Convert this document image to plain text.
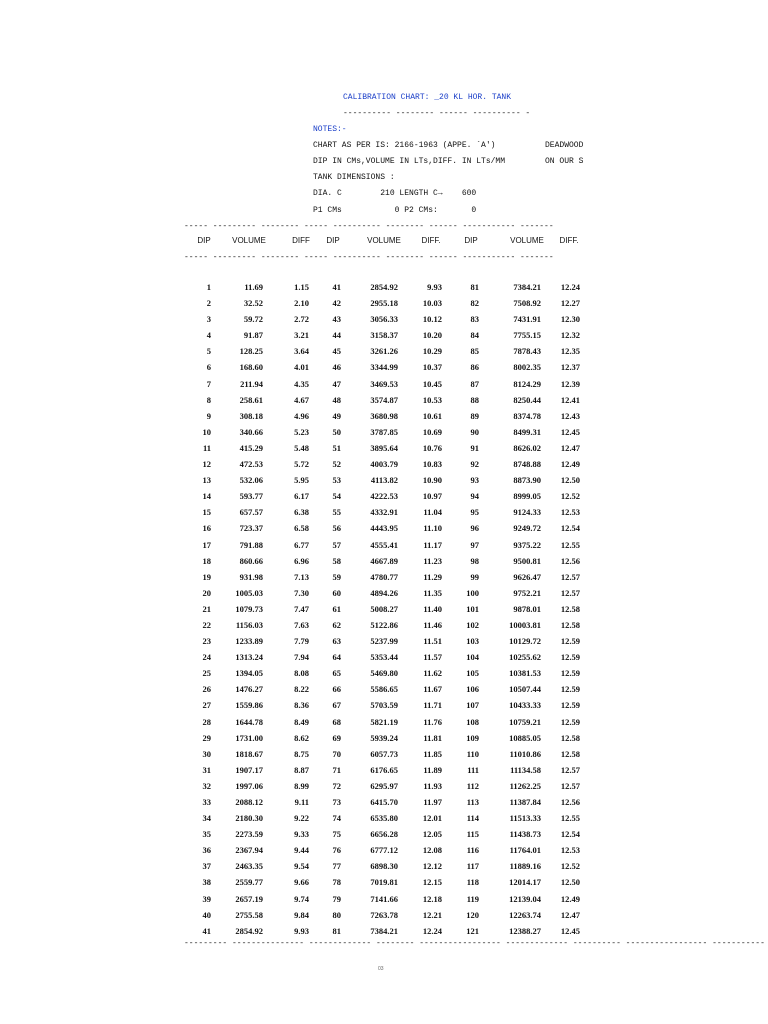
CALIBRATION CHART: _20 KL HOR. TANK
---------- -------- ------ ---------- -
NOTES:-
CHART AS PER IS: 2166-1963 (APPE. `A')	DEADWOOD
DIP IN CMs,VOLUME IN LTs,DIFF. IN LTs/MM	ON OUR S
TANK DIMENSIONS :
DIA. C        210 LENGTH C→    600
P1 CMs           0 P2 CMs:       0
----- --------- -------- ----- ---------- -------- ------ ----------- -------
DIP	VOLUME	DIFF DIP	VOLUME	DIFF.	DIP	VOLUME DIFF.
----- --------- -------- ----- ---------- -------- ------ ----------- -------
1	11.69	1.15	41	2854.92	9.93	81	7384.21 12.24
2	32.52	2.10	42	2955.18	10.03	82	7508.92 12.27
3	59.72	2.72	43	3056.33	10.12	83	7431.91 12.30
4	91.87	3.21	44	3158.37	10.20	84	7755.15 12.32
5	128.25	3.64	45	3261.26	10.29	85	7878.43 12.35
6	168.60	4.01	46	3344.99	10.37	86	8002.35 12.37
7	211.94	4.35	47	3469.53	10.45	87	8124.29 12.39
8	258.61	4.67	48	3574.87	10.53	88	8250.44 12.41
9	308.18	4.96	49	3680.98	10.61	89	8374.78 12.43
10	340.66	5.23	50	3787.85	10.69	90	8499.31 12.45
11	415.29	5.48	51	3895.64	10.76	91	8626.02 12.47
12	472.53	5.72	52	4003.79	10.83	92	8748.88 12.49
13	532.06	5.95	53	4113.82	10.90	93	8873.90 12.50
14	593.77	6.17	54	4222.53	10.97	94	8999.05 12.52
15	657.57	6.38	55	4332.91	11.04	95	9124.33 12.53
16	723.37	6.58	56	4443.95	11.10	96	9249.72 12.54
17	791.88	6.77	57	4555.41	11.17	97	9375.22 12.55
18	860.66	6.96	58	4667.89	11.23	98	9500.81 12.56
19	931.98	7.13	59	4780.77	11.29	99	9626.47 12.57
20	1005.03	7.30	60	4894.26	11.35	100	9752.21 12.57
21	1079.73	7.47	61	5008.27	11.40	101	9878.01 12.58
22	1156.03	7.63	62	5122.86	11.46	102	10003.81 12.58
23	1233.89	7.79	63	5237.99	11.51	103	10129.72 12.59
24	1313.24	7.94	64	5353.44	11.57	104	10255.62 12.59
25	1394.05	8.08	65	5469.80	11.62	105	10381.53 12.59
26	1476.27	8.22	66	5586.65	11.67	106	10507.44 12.59
27	1559.86	8.36	67	5703.59	11.71	107	10433.33 12.59
28	1644.78	8.49	68	5821.19	11.76	108	10759.21 12.59
29	1731.00	8.62	69	5939.24	11.81	109	10885.05 12.58
30	1818.67	8.75	70	6057.73	11.85	110	11010.86 12.58
31	1907.17	8.87	71	6176.65	11.89	111	11134.58 12.57
32	1997.06	8.99	72	6295.97	11.93	112	11262.25 12.57
33	2088.12	9.11	73	6415.70	11.97	113	11387.84 12.56
34	2180.30	9.22	74	6535.80	12.01	114	11513.33 12.55
35	2273.59	9.33	75	6656.28	12.05	115	11438.73 12.54
36	2367.94	9.44	76	6777.12	12.08	116	11764.01 12.53
37	2463.35	9.54	77	6898.30	12.12	117	11889.16 12.52
38	2559.77	9.66	78	7019.81	12.15	118	12014.17 12.50
39	2657.19	9.74	79	7141.66	12.18	119	12139.04 12.49
40	2755.58	9.84	80	7263.78	12.21	120	12263.74 12.47
41	2854.92	9.93	81	7384.21	12.24	121	12388.27 12.45
--------- --------------- ------------- -------- ----------------- ------------- ---------- ----------------- -----------
03
